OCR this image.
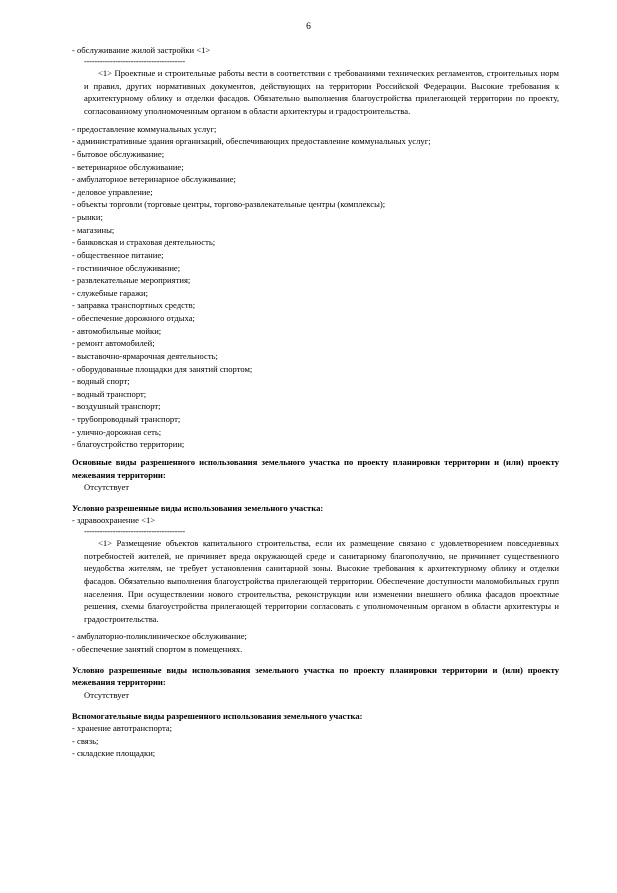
6
- обслуживание жилой застройки <1>
---------------------------------------
<1> Проектные и строительные работы вести в соответствии с требованиями технических регламентов, строительных норм и правил, других нормативных документов, действующих на территории Российской Федерации. Высокие требования к архитектурному облику и отделки фасадов. Обязательно выполнения благоустройства прилегающей территории по проекту, согласованному уполномоченным органом в области архитектуры и градостроительства.
- предоставление коммунальных услуг;
- административные здания организаций, обеспечивающих предоставление коммунальных услуг;
- бытовое обслуживание;
- ветеринарное обслуживание;
- амбулаторное ветеринарное обслуживание;
- деловое управление;
- объекты торговли (торговые центры, торгово-развлекательные центры (комплексы);
- рынки;
- магазины;
- банковская и страховая деятельность;
- общественное питание;
- гостиничное обслуживание;
- развлекательные мероприятия;
- служебные гаражи;
- заправка транспортных средств;
- обеспечение дорожного отдыха;
- автомобильные мойки;
- ремонт автомобилей;
- выставочно-ярмарочная деятельность;
- оборудованные площадки для занятий спортом;
- водный спорт;
- водный транспорт;
- воздушный транспорт;
- трубопроводный транспорт;
- улично-дорожная сеть;
- благоустройство территории;
Основные виды разрешенного использования земельного участка по проекту планировки территории и (или) проекту межевания территории:
Отсутствует
Условно разрешенные виды использования земельного участка:
- здравоохранение <1>
---------------------------------------
<1> Размещение объектов капитального строительства, если их размещение связано с удовлетворением повседневных потребностей жителей, не причиняет вреда окружающей среде и санитарному благополучию, не причиняет существенного неудобства жителям, не требует установления санитарной зоны. Высокие требования к архитектурному облику и отделки фасадов. Обязательно выполнения благоустройства прилегающей территории. Обеспечение доступности маломобильных групп населения. При осуществлении нового строительства, реконструкции или изменении внешнего облика фасадов проектные решения, схемы благоустройства прилегающей территории согласовать с уполномоченным органом в области архитектуры и градостроительства.
- амбулаторно-поликлиническое обслуживание;
- обеспечение занятий спортом в помещениях.
Условно разрешенные виды использования земельного участка по проекту планировки территории и (или) проекту межевания территории:
Отсутствует
Вспомогательные виды разрешенного использования земельного участка:
- хранение автотранспорта;
- связь;
- складские площадки;
